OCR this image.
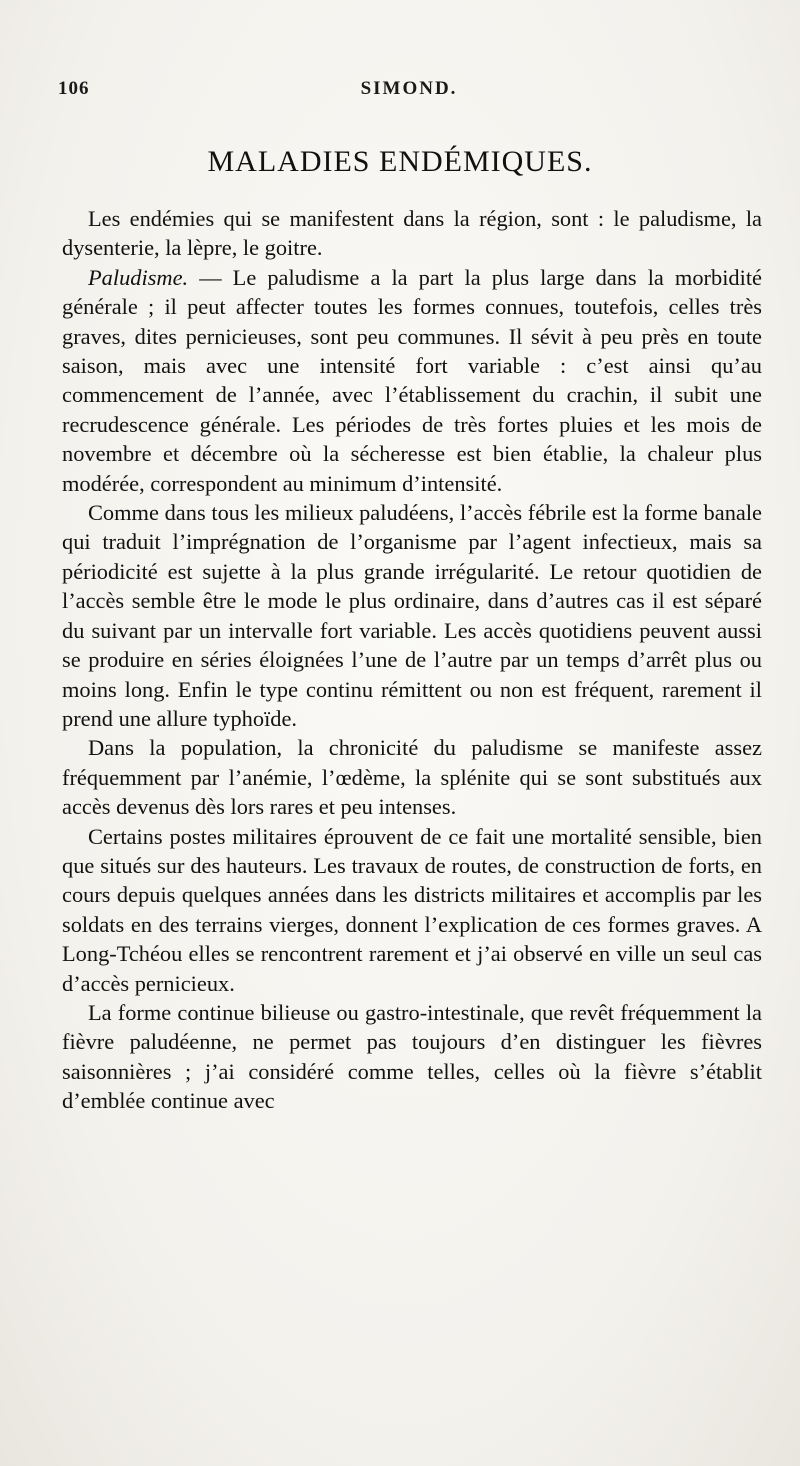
106	SIMOND.
MALADIES ENDÉMIQUES.

Les endémies qui se manifestent dans la région, sont : le paludisme, la dysenterie, la lèpre, le goitre.

Paludisme. — Le paludisme a la part la plus large dans la morbidité générale ; il peut affecter toutes les formes connues, toutefois, celles très graves, dites pernicieuses, sont peu communes. Il sévit à peu près en toute saison, mais avec une intensité fort variable : c’est ainsi qu’au commencement de l’année, avec l’établissement du crachin, il subit une recrudescence générale. Les périodes de très fortes pluies et les mois de novembre et décembre où la sécheresse est bien établie, la chaleur plus modérée, correspondent au minimum d’intensité.

Comme dans tous les milieux paludéens, l’accès fébrile est la forme banale qui traduit l’imprégnation de l’organisme par l’agent infectieux, mais sa périodicité est sujette à la plus grande irrégularité. Le retour quotidien de l’accès semble être le mode le plus ordinaire, dans d’autres cas il est séparé du suivant par un intervalle fort variable. Les accès quotidiens peuvent aussi se produire en séries éloignées l’une de l’autre par un temps d’arrêt plus ou moins long. Enfin le type continu rémittent ou non est fréquent, rarement il prend une allure typhoïde.

Dans la population, la chronicité du paludisme se manifeste assez fréquemment par l’anémie, l’œdème, la splénite qui se sont substitués aux accès devenus dès lors rares et peu intenses.

Certains postes militaires éprouvent de ce fait une mortalité sensible, bien que situés sur des hauteurs. Les travaux de routes, de construction de forts, en cours depuis quelques années dans les districts militaires et accomplis par les soldats en des terrains vierges, donnent l’explication de ces formes graves. A Long-Tchéou elles se rencontrent rarement et j’ai observé en ville un seul cas d’accès pernicieux.

La forme continue bilieuse ou gastro-intestinale, que revêt fréquemment la fièvre paludéenne, ne permet pas toujours d’en distinguer les fièvres saisonnières ; j’ai considéré comme telles, celles où la fièvre s’établit d’emblée continue avec
